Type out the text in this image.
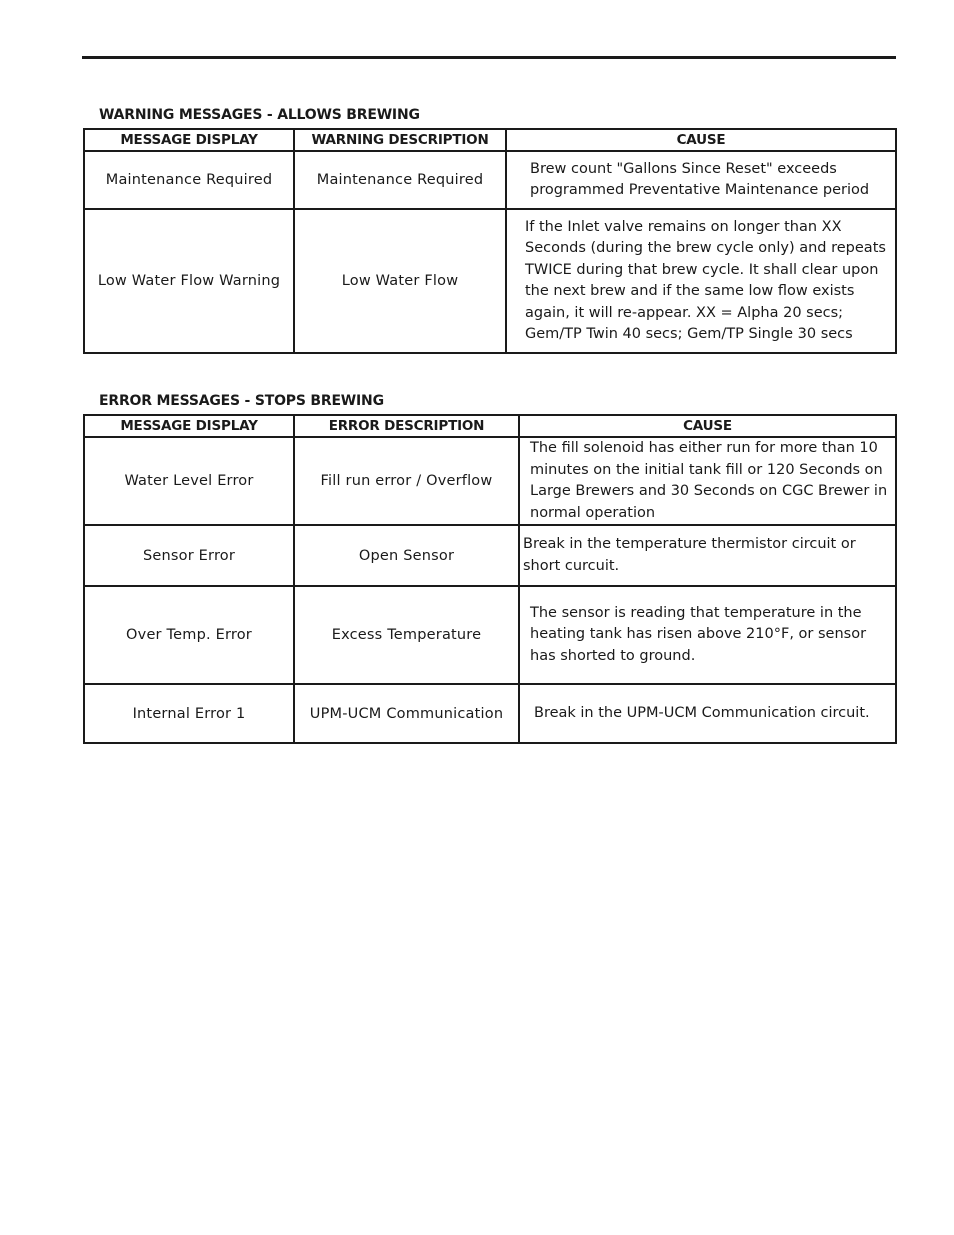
WARNING MESSAGES - ALLOWS BREWING
MESSAGE DISPLAY	WARNING DESCRIPTION	CAUSE
Maintenance Required	Maintenance Required	Brew count "Gallons Since Reset" exceeds programmed Preventative Maintenance period
Low Water Flow Warning	Low Water Flow	If the Inlet valve remains on longer than XX Seconds (during the brew cycle only) and repeats TWICE during that brew cycle. It shall clear upon the next brew and if the same low flow exists again, it will re-appear. XX = Alpha 20 secs; Gem/TP Twin 40 secs; Gem/TP Single 30 secs
ERROR MESSAGES - STOPS BREWING
MESSAGE DISPLAY	ERROR DESCRIPTION	CAUSE
Water Level Error	Fill run error / Overflow	The fill solenoid has either run for more than 10 minutes on the initial tank fill or 120 Seconds on Large Brewers and 30 Seconds on CGC Brewer in normal operation
Sensor Error	Open Sensor	Break in the temperature thermistor circuit or short curcuit.
Over Temp. Error	Excess Temperature	The sensor is reading that temperature in the heating tank has risen above 210°F, or sensor has shorted to ground.
Internal Error 1	UPM-UCM Communication	Break in the UPM-UCM Communication circuit.
